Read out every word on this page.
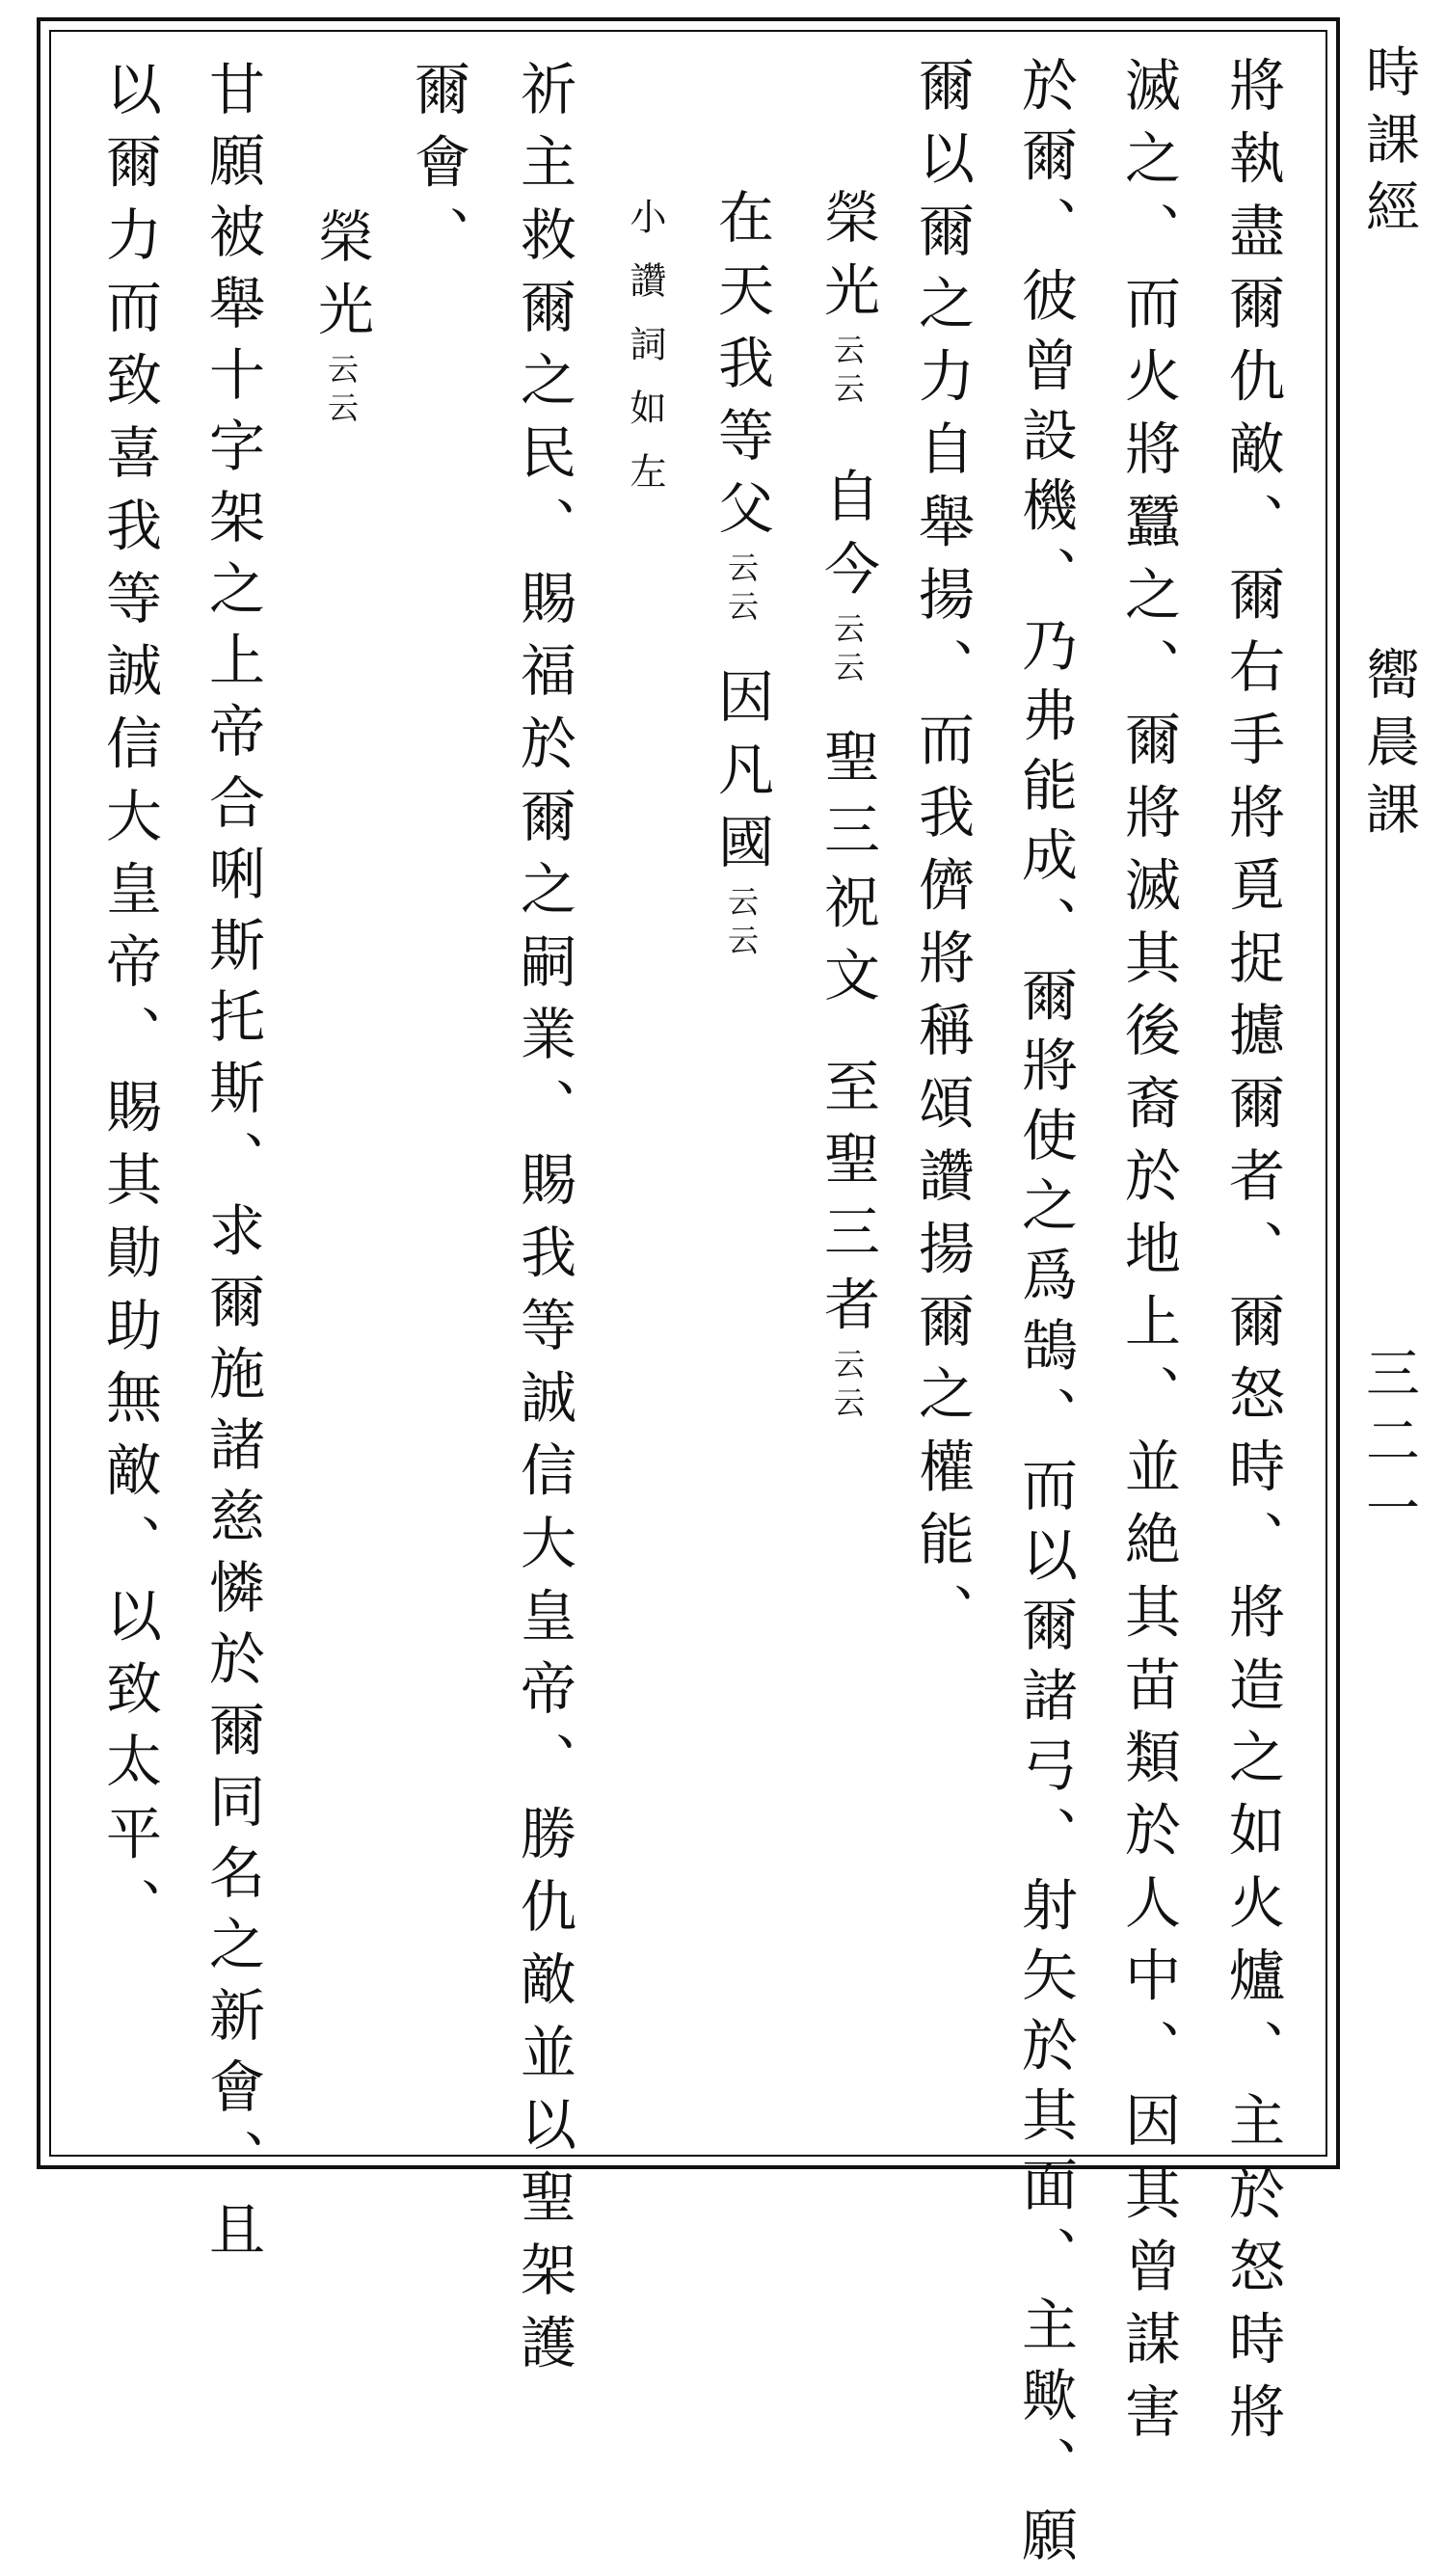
時課經
嚮晨課
三二一
將執盡爾仇敵、爾右手將覓捉攄爾者、爾怒時、將造之如火爐、主於怒時將
滅之、而火將蠶之、爾將滅其後裔於地上、並絶其苗類於人中、因其曾謀害
於爾、彼曾設機、乃弗能成、爾將使之爲鵠、而以爾諸弓、射矢於其面、主歟、願
爾以爾之力自舉揚、而我儕將稱頌讚揚爾之權能、
榮光云云自今云云聖三祝文至聖三者云云
在天我等父云云因凡國云云
小讚詞如左
祈主救爾之民、賜福於爾之嗣業、賜我等誠信大皇帝、勝仇敵並以聖架護
爾會、
榮光云云
甘願被舉十字架之上帝合唎斯托斯、求爾施諸慈憐於爾同名之新會、且
以爾力而致喜我等誠信大皇帝、賜其勛助無敵、以致太平、
